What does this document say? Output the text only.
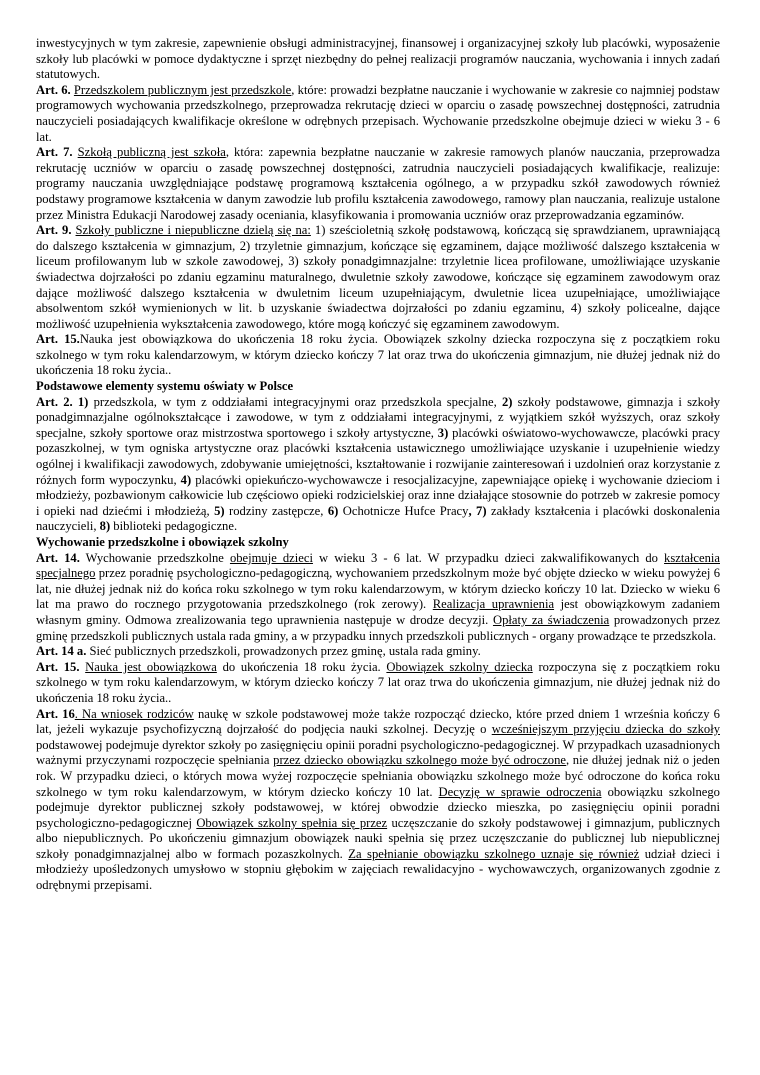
inwestycyjnych w tym zakresie, zapewnienie obsługi administracyjnej, finansowej i organizacyjnej szkoły lub placówki, wyposażenie szkoły lub placówki w pomoce dydaktyczne i sprzęt niezbędny do pełnej realizacji programów nauczania, wychowania i innych zadań statutowych.

Art. 6. Przedszkolem publicznym jest przedszkole, które: prowadzi bezpłatne nauczanie i wychowanie w zakresie co najmniej podstaw programowych wychowania przedszkolnego, przeprowadza rekrutację dzieci w oparciu o zasadę powszechnej dostępności, zatrudnia nauczycieli posiadających kwalifikacje określone w odrębnych przepisach. Wychowanie przedszkolne obejmuje dzieci w wieku 3 - 6 lat.

Art. 7. Szkołą publiczną jest szkoła, która: zapewnia bezpłatne nauczanie w zakresie ramowych planów nauczania, przeprowadza rekrutację uczniów w oparciu o zasadę powszechnej dostępności, zatrudnia nauczycieli posiadających kwalifikacje, realizuje: programy nauczania uwzględniające podstawę programową kształcenia ogólnego, a w przypadku szkół zawodowych również podstawy programowe kształcenia w danym zawodzie lub profilu kształcenia zawodowego, ramowy plan nauczania, realizuje ustalone przez Ministra Edukacji Narodowej zasady oceniania, klasyfikowania i promowania uczniów oraz przeprowadzania egzaminów.

Art. 9. Szkoły publiczne i niepubliczne dzielą się na: 1) sześcioletnią szkołę podstawową, kończącą się sprawdzianem, uprawniającą do dalszego kształcenia w gimnazjum, 2) trzyletnie gimnazjum, kończące się egzaminem, dające możliwość dalszego kształcenia w liceum profilowanym lub w szkole zawodowej, 3) szkoły ponadgimnazjalne: trzyletnie licea profilowane, umożliwiające uzyskanie świadectwa dojrzałości po zdaniu egzaminu maturalnego, dwuletnie szkoły zawodowe, kończące się egzaminem zawodowym oraz dające możliwość dalszego kształcenia w dwuletnim liceum uzupełniającym, dwuletnie licea uzupełniające, umożliwiające absolwentom szkół wymienionych w lit. b uzyskanie świadectwa dojrzałości po zdaniu egzaminu, 4) szkoły policealne, dające możliwość uzupełnienia wykształcenia zawodowego, które mogą kończyć się egzaminem zawodowym.

Art. 15.Nauka jest obowiązkowa do ukończenia 18 roku życia. Obowiązek szkolny dziecka rozpoczyna się z początkiem roku szkolnego w tym roku kalendarzowym, w którym dziecko kończy 7 lat oraz trwa do ukończenia gimnazjum, nie dłużej jednak niż do ukończenia 18 roku życia..

Podstawowe elementy systemu oświaty w Polsce

Art. 2. 1) przedszkola, w tym z oddziałami integracyjnymi oraz przedszkola specjalne, 2) szkoły podstawowe, gimnazja i szkoły ponadgimnazjalne ogólnokształcące i zawodowe, w tym z oddziałami integracyjnymi, z wyjątkiem szkół wyższych, oraz szkoły specjalne, szkoły sportowe oraz mistrzostwa sportowego i szkoły artystyczne, 3) placówki oświatowo-wychowawcze, placówki pracy pozaszkolnej, w tym ogniska artystyczne oraz placówki kształcenia ustawicznego umożliwiające uzyskanie i uzupełnienie wiedzy ogólnej i kwalifikacji zawodowych, zdobywanie umiejętności, kształtowanie i rozwijanie zainteresowań i uzdolnień oraz korzystanie z różnych form wypoczynku, 4) placówki opiekuńczo-wychowawcze i resocjalizacyjne, zapewniające opiekę i wychowanie dzieciom i młodzieży, pozbawionym całkowicie lub częściowo opieki rodzicielskiej oraz inne działające stosownie do potrzeb w zakresie pomocy i opieki nad dziećmi i młodzieżą, 5) rodziny zastępcze, 6) Ochotnicze Hufce Pracy, 7) zakłady kształcenia i placówki doskonalenia nauczycieli, 8) biblioteki pedagogiczne.

Wychowanie przedszkolne i obowiązek szkolny

Art. 14. Wychowanie przedszkolne obejmuje dzieci w wieku 3 - 6 lat. W przypadku dzieci zakwalifikowanych do kształcenia specjalnego przez poradnię psychologiczno-pedagogiczną, wychowaniem przedszkolnym może być objęte dziecko w wieku powyżej 6 lat, nie dłużej jednak niż do końca roku szkolnego w tym roku kalendarzowym, w którym dziecko kończy 10 lat. Dziecko w wieku 6 lat ma prawo do rocznego przygotowania przedszkolnego (rok zerowy). Realizacja uprawnienia jest obowiązkowym zadaniem własnym gminy. Odmowa zrealizowania tego uprawnienia następuje w drodze decyzji. Opłaty za świadczenia prowadzonych przez gminę przedszkoli publicznych ustala rada gminy, a w przypadku innych przedszkoli publicznych - organy prowadzące te przedszkola.

Art. 14 a. Sieć publicznych przedszkoli, prowadzonych przez gminę, ustala rada gminy.

Art. 15. Nauka jest obowiązkowa do ukończenia 18 roku życia. Obowiązek szkolny dziecka rozpoczyna się z początkiem roku szkolnego w tym roku kalendarzowym, w którym dziecko kończy 7 lat oraz trwa do ukończenia gimnazjum, nie dłużej jednak niż do ukończenia 18 roku życia..

Art. 16. Na wniosek rodziców naukę w szkole podstawowej może także rozpocząć dziecko, które przed dniem 1 września kończy 6 lat, jeżeli wykazuje psychofizyczną dojrzałość do podjęcia nauki szkolnej. Decyzję o wcześniejszym przyjęciu dziecka do szkoły podstawowej podejmuje dyrektor szkoły po zasięgnięciu opinii poradni psychologiczno-pedagogicznej. W przypadkach uzasadnionych ważnymi przyczynami rozpoczęcie spełniania przez dziecko obowiązku szkolnego może być odroczone, nie dłużej jednak niż o jeden rok. W przypadku dzieci, o których mowa wyżej rozpoczęcie spełniania obowiązku szkolnego może być odroczone do końca roku szkolnego w tym roku kalendarzowym, w którym dziecko kończy 10 lat. Decyzję w sprawie odroczenia obowiązku szkolnego podejmuje dyrektor publicznej szkoły podstawowej, w której obwodzie dziecko mieszka, po zasięgnięciu opinii poradni psychologiczno-pedagogicznej Obowiązek szkolny spełnia się przez uczęszczanie do szkoły podstawowej i gimnazjum, publicznych albo niepublicznych. Po ukończeniu gimnazjum obowiązek nauki spełnia się przez uczęszczanie do publicznej lub niepublicznej szkoły ponadgimnazjalnej albo w formach pozaszkolnych. Za spełnianie obowiązku szkolnego uznaje się również udział dzieci i młodzieży upośledzonych umysłowo w stopniu głębokim w zajęciach rewalidacyjno - wychowawczych, organizowanych zgodnie z odrębnymi przepisami.
